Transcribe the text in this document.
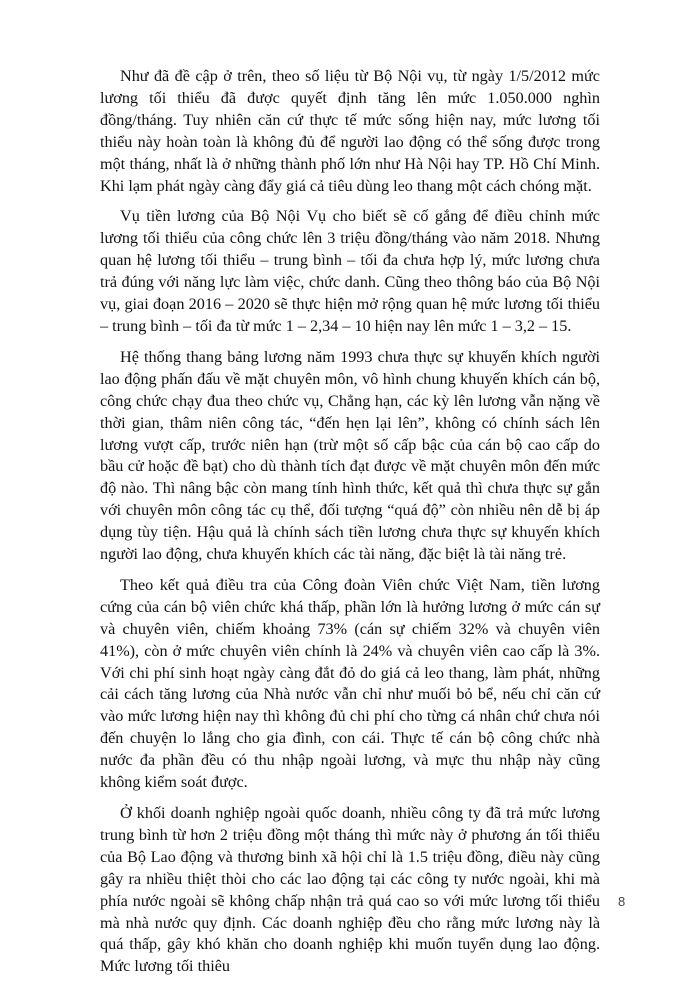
Như đã đề cập ở trên, theo số liệu từ Bộ Nội vụ, từ ngày 1/5/2012 mức lương tối thiểu đã được quyết định tăng lên mức 1.050.000 nghìn đồng/tháng. Tuy nhiên căn cứ thực tế mức sống hiện nay, mức lương tối thiểu này hoàn toàn là không đủ để người lao động có thể sống được trong một tháng, nhất là ở những thành phố lớn như Hà Nội hay TP. Hồ Chí Minh. Khi lạm phát ngày càng đẩy giá cả tiêu dùng leo thang một cách chóng mặt.

Vụ tiền lương của Bộ Nội Vụ cho biết sẽ cố gắng để điều chỉnh mức lương tối thiểu của công chức lên 3 triệu đồng/tháng vào năm 2018. Nhưng quan hệ lương tối thiểu – trung bình – tối đa chưa hợp lý, mức lương chưa trả đúng với năng lực làm việc, chức danh. Cũng theo thông báo của Bộ Nội vụ, giai đoạn 2016 – 2020 sẽ thực hiện mở rộng quan hệ mức lương tối thiểu – trung bình – tối đa từ mức 1 – 2,34 – 10 hiện nay lên mức 1 – 3,2 – 15.

Hệ thống thang bảng lương năm 1993 chưa thực sự khuyến khích người lao động phấn đấu về mặt chuyên môn, vô hình chung khuyến khích cán bộ, công chức chạy đua theo chức vụ, Chẳng hạn, các kỳ lên lương vẫn nặng về thời gian, thâm niên công tác, “đến hẹn lại lên”, không có chính sách lên lương vượt cấp, trước niên hạn (trừ một số cấp bậc của cán bộ cao cấp do bầu cử hoặc đề bạt) cho dù thành tích đạt được về mặt chuyên môn đến mức độ nào. Thì nâng bậc còn mang tính hình thức, kết quả thì chưa thực sự gắn với chuyên môn công tác cụ thể, đối tượng “quá độ” còn nhiều nên dễ bị áp dụng tùy tiện. Hậu quả là chính sách tiền lương chưa thực sự khuyến khích người lao động, chưa khuyến khích các tài năng, đặc biệt là tài năng trẻ.

Theo kết quả điều tra của Công đoàn Viên chức Việt Nam, tiền lương cứng của cán bộ viên chức khá thấp, phần lớn là hưởng lương ở mức cán sự và chuyên viên, chiếm khoảng 73% (cán sự chiếm 32% và chuyên viên 41%), còn ở mức chuyên viên chính là 24% và chuyên viên cao cấp là 3%. Với chi phí sinh hoạt ngày càng đắt đỏ do giá cả leo thang, làm phát, những cải cách tăng lương của Nhà nước vẫn chỉ như muối bỏ bể, nếu chỉ căn cứ vào mức lương hiện nay thì không đủ chi phí cho từng cá nhân chứ chưa nói đến chuyện lo lắng cho gia đình, con cái. Thực tế cán bộ công chức nhà nước đa phần đều có thu nhập ngoài lương, và mực thu nhập này cũng không kiểm soát được.

Ở khối doanh nghiệp ngoài quốc doanh, nhiều công ty đã trả mức lương trung bình từ hơn 2 triệu đồng một tháng thì mức này ở phương án tối thiểu của Bộ Lao động và thương binh xã hội chỉ là 1.5 triệu đồng, điều này cũng gây ra nhiều thiệt thòi cho các lao động tại các công ty nước ngoài, khi mà phía nước ngoài sẽ không chấp nhận trả quá cao so với mức lương tối thiểu mà nhà nước quy định. Các doanh nghiệp đều cho rằng mức lương này là quá thấp, gây khó khăn cho doanh nghiệp khi muốn tuyển dụng lao động. Mức lương tối thiêu

8
